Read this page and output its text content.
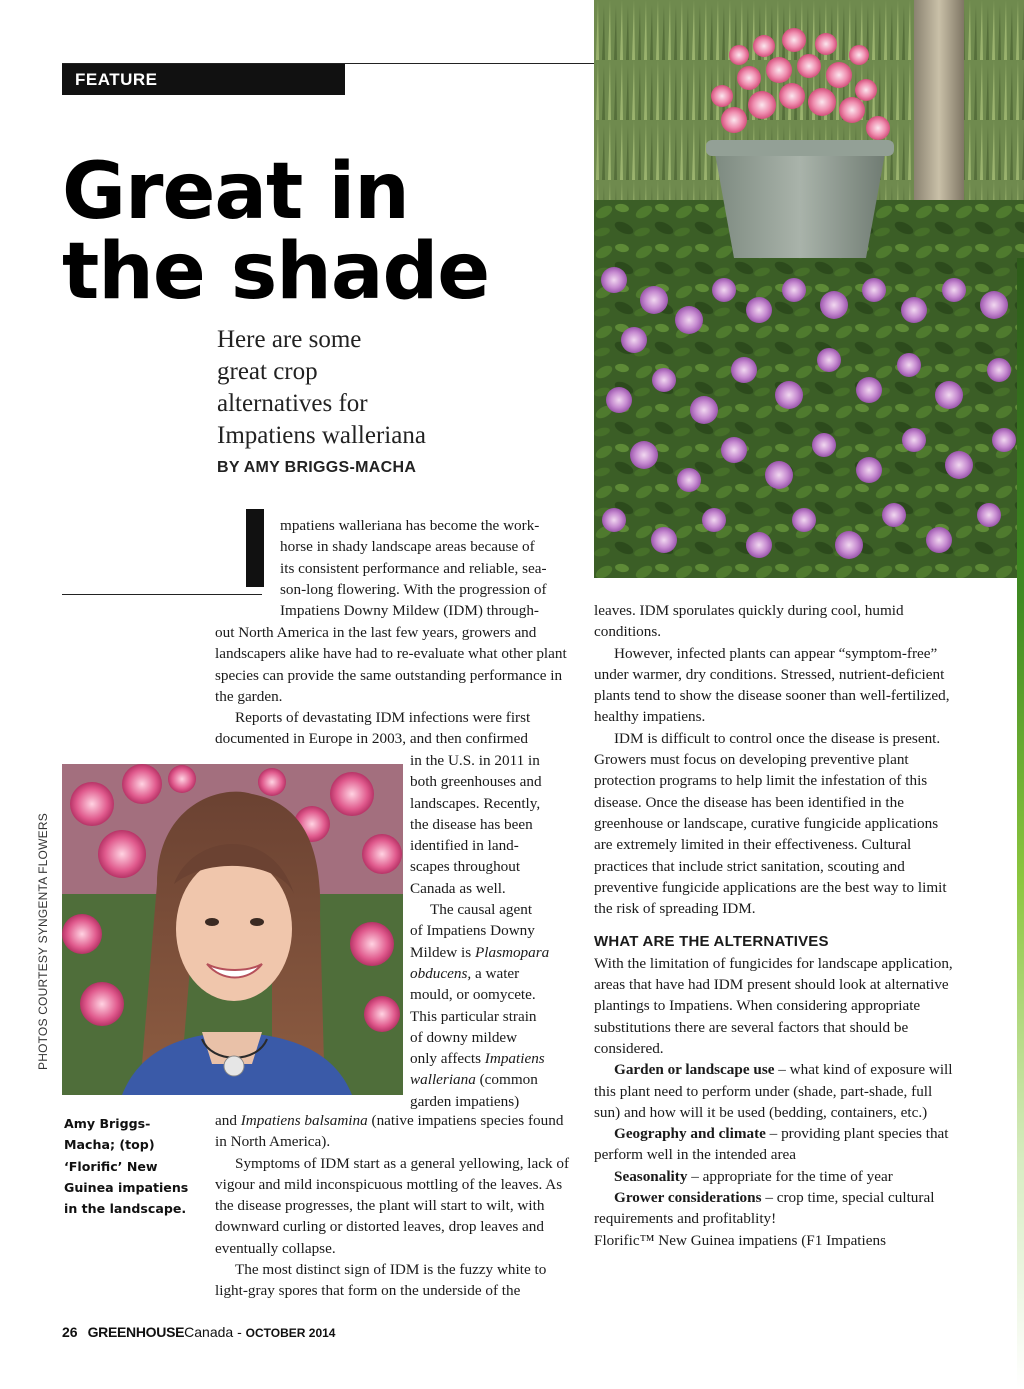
FEATURE
Great in
the shade
Here are some
great crop
alternatives for
Impatiens walleriana

BY AMY BRIGGS-MACHA

mpatiens walleriana has become the work-
horse in shady landscape areas because of
its consistent performance and reliable, sea-
son-long flowering. With the progression of
Impatiens Downy Mildew (IDM) through-

out North America in the last few years, growers and landscapers alike have had to re-evaluate what other plant species can provide the same outstanding performance in the garden.

Reports of devastating IDM infections were first documented in Europe in 2003, and then confirmed

in the U.S. in 2011 in
both greenhouses and
landscapes. Recently,
the disease has been
identified in land-
scapes throughout
Canada as well.
The causal agent
of Impatiens Downy
Mildew is Plasmopara
obducens, a water
mould, or oomycete.
This particular strain
of downy mildew
only affects Impatiens
walleriana (common
garden impatiens)
PHOTOS COURTESY SYNGENTA FLOWERS

Amy Briggs-
Macha; (top)
‘Florific’ New
Guinea impatiens
in the landscape.

and Impatiens balsamina (native impatiens species found in North America).

Symptoms of IDM start as a general yellowing, lack of vigour and mild inconspicuous mottling of the leaves. As the disease progresses, the plant will start to wilt, with downward curling or distorted leaves, drop leaves and eventually collapse.

The most distinct sign of IDM is the fuzzy white to light-gray spores that form on the underside of the

leaves. IDM sporulates quickly during cool, humid conditions.

However, infected plants can appear “symptom-free” under warmer, dry conditions. Stressed, nutrient-deficient plants tend to show the disease sooner than well-fertilized, healthy impatiens.

IDM is difficult to control once the disease is present. Growers must focus on developing preventive plant protection programs to help limit the infestation of this disease. Once the disease has been identified in the greenhouse or landscape, curative fungicide applications are extremely limited in their effectiveness. Cultural practices that include strict sanitation, scouting and preventive fungicide applications are the best way to limit the risk of spreading IDM.

WHAT ARE THE ALTERNATIVES

With the limitation of fungicides for landscape application, areas that have had IDM present should look at alternative plantings to Impatiens. When considering appropriate substitutions there are several factors that should be considered.

Garden or landscape use – what kind of exposure will this plant need to perform under (shade, part-shade, full sun) and how will it be used (bedding, containers, etc.)

Geography and climate – providing plant species that perform well in the intended area

Seasonality – appropriate for the time of year

Grower considerations – crop time, special cultural requirements and profitablity!

Florific™ New Guinea impatiens (F1 Impatiens

26 GREENHOUSECanada - OCTOBER 2014
